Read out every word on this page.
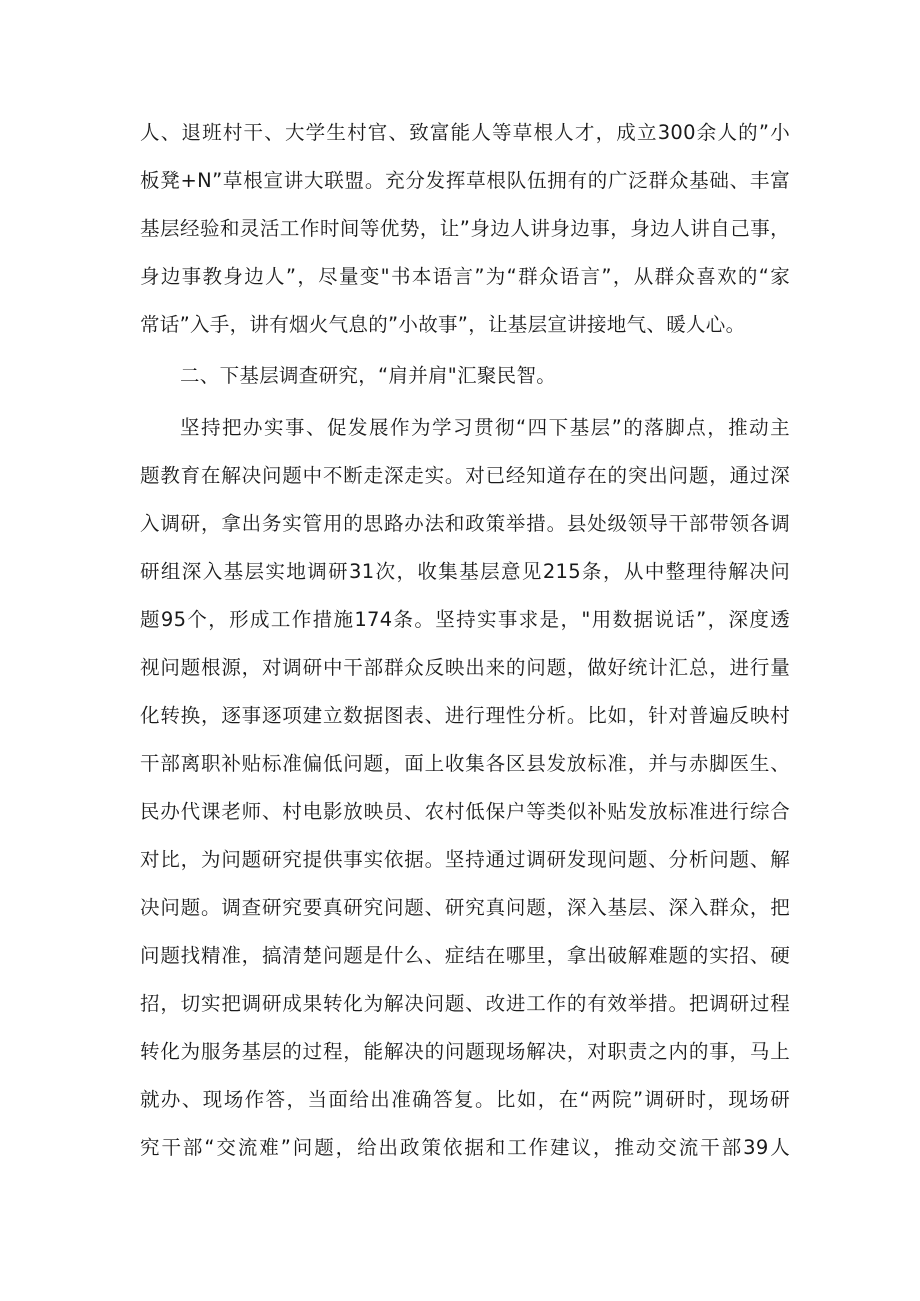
人、退班村干、大学生村官、致富能人等草根人才，成立300余人的”小
板凳+N”草根宣讲大联盟。充分发挥草根队伍拥有的广泛群众基础、丰富
基层经验和灵活工作时间等优势，让”身边人讲身边事，身边人讲自己事，
身边事教身边人”，尽量变"书本语言”为“群众语言”，从群众喜欢的“家
常话”入手，讲有烟火气息的”小故事”，让基层宣讲接地气、暖人心。
二、下基层调查研究，“肩并肩"汇聚民智。
坚持把办实事、促发展作为学习贯彻“四下基层”的落脚点，推动主
题教育在解决问题中不断走深走实。对已经知道存在的突出问题，通过深
入调研，拿出务实管用的思路办法和政策举措。县处级领导干部带领各调
研组深入基层实地调研31次，收集基层意见215条，从中整理待解决问
题95个，形成工作措施174条。坚持实事求是，"用数据说话”，深度透
视问题根源，对调研中干部群众反映出来的问题，做好统计汇总，进行量
化转换，逐事逐项建立数据图表、进行理性分析。比如，针对普遍反映村
干部离职补贴标准偏低问题，面上收集各区县发放标准，并与赤脚医生、
民办代课老师、村电影放映员、农村低保户等类似补贴发放标准进行综合
对比，为问题研究提供事实依据。坚持通过调研发现问题、分析问题、解
决问题。调查研究要真研究问题、研究真问题，深入基层、深入群众，把
问题找精准，搞清楚问题是什么、症结在哪里，拿出破解难题的实招、硬
招，切实把调研成果转化为解决问题、改进工作的有效举措。把调研过程
转化为服务基层的过程，能解决的问题现场解决，对职责之内的事，马上
就办、现场作答，当面给出准确答复。比如，在“两院”调研时，现场研
究干部“交流难”问题，给出政策依据和工作建议，推动交流干部39人
